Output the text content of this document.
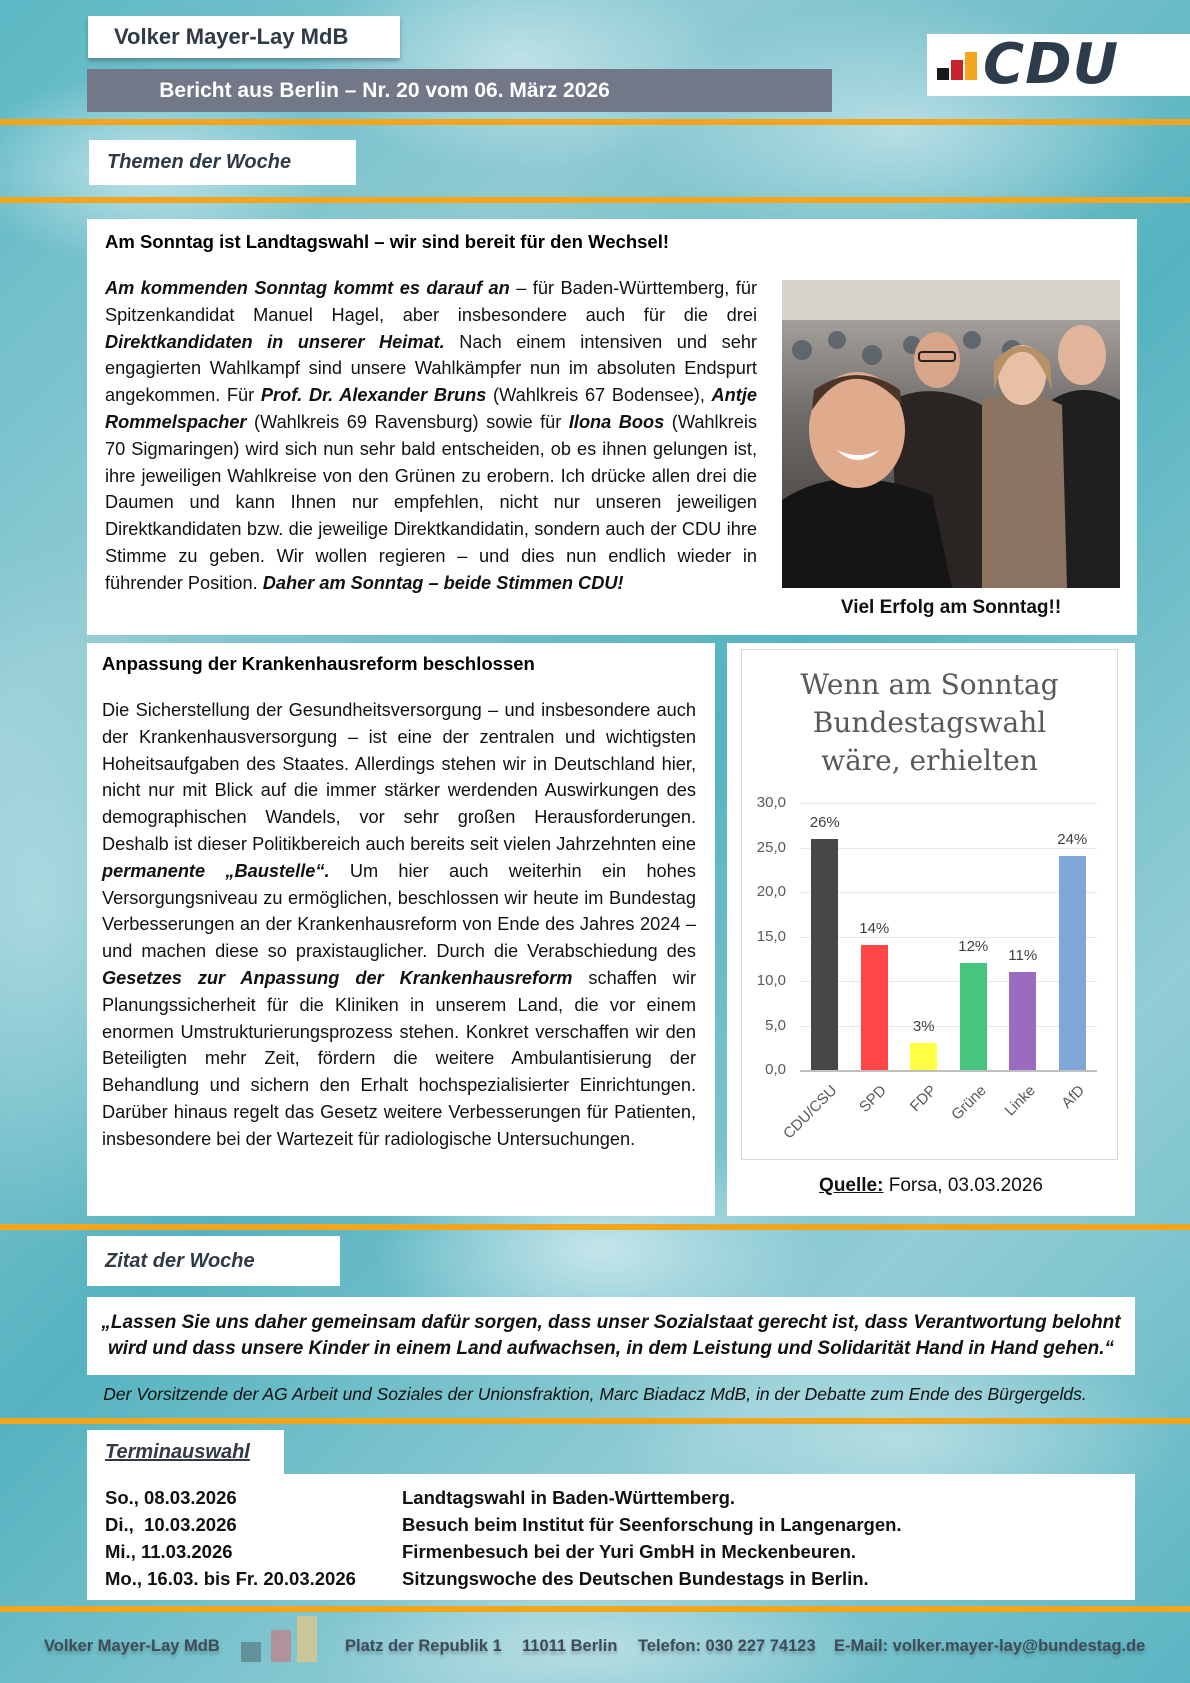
Volker Mayer-Lay MdB
Bericht aus Berlin – Nr. 20 vom 06. März 2026	CDU
Themen der Woche
Am Sonntag ist Landtagswahl – wir sind bereit für den Wechsel!
Am kommenden Sonntag kommt es darauf an – für Baden-Württemberg, für Spitzenkandidat Manuel Hagel, aber insbesondere auch für die drei Direktkandidaten in unserer Heimat. Nach einem intensiven und sehr engagierten Wahlkampf sind unsere Wahlkämpfer nun im absoluten Endspurt angekommen. Für Prof. Dr. Alexander Bruns (Wahlkreis 67 Bodensee), Antje Rommelspacher (Wahlkreis 69 Ravensburg) sowie für Ilona Boos (Wahlkreis 70 Sigmaringen) wird sich nun sehr bald entscheiden, ob es ihnen gelungen ist, ihre jeweiligen Wahlkreise von den Grünen zu erobern. Ich drücke allen drei die Daumen und kann Ihnen nur empfehlen, nicht nur unseren jeweiligen Direktkandidaten bzw. die jeweilige Direktkandidatin, sondern auch der CDU ihre Stimme zu geben. Wir wollen regieren – und dies nun endlich wieder in führender Position. Daher am Sonntag – beide Stimmen CDU!
Viel Erfolg am Sonntag!!
Anpassung der Krankenhausreform beschlossen
Die Sicherstellung der Gesundheitsversorgung – und insbesondere auch der Krankenhausversorgung – ist eine der zentralen und wichtigsten Hoheitsaufgaben des Staates. Allerdings stehen wir in Deutschland hier, nicht nur mit Blick auf die immer stärker werdenden Auswirkungen des demographischen Wandels, vor sehr großen Herausforderungen. Deshalb ist dieser Politikbereich auch bereits seit vielen Jahrzehnten eine permanente „Baustelle“. Um hier auch weiterhin ein hohes Versorgungsniveau zu ermöglichen, beschlossen wir heute im Bundestag Verbesserungen an der Krankenhausreform von Ende des Jahres 2024 – und machen diese so praxistauglicher. Durch die Verabschiedung des Gesetzes zur Anpassung der Krankenhausreform schaffen wir Planungssicherheit für die Kliniken in unserem Land, die vor einem enormen Umstrukturierungsprozess stehen. Konkret verschaffen wir den Beteiligten mehr Zeit, fördern die weitere Ambulantisierung der Behandlung und sichern den Erhalt hochspezialisierter Einrichtungen. Darüber hinaus regelt das Gesetz weitere Verbesserungen für Patienten, insbesondere bei der Wartezeit für radiologische Untersuchungen.
Wenn am Sonntag
Bundestagswahl
wäre, erhielten
0,0
5,0
10,0
15,0
20,0
25,0
30,0
26%
CDU/CSU
14%
SPD
3%
FDP
12%
Grüne
11%
Linke
24%
AfD
Quelle: Forsa, 03.03.2026
Zitat der Woche
„Lassen Sie uns daher gemeinsam dafür sorgen, dass unser Sozialstaat gerecht ist, dass Verantwortung belohnt wird und dass unsere Kinder in einem Land aufwachsen, in dem Leistung und Solidarität Hand in Hand gehen.“
Der Vorsitzende der AG Arbeit und Soziales der Unionsfraktion, Marc Biadacz MdB, in der Debatte zum Ende des Bürgergelds.
Terminauswahl
So., 08.03.2026	Landtagswahl in Baden-Württemberg.
Di.,  10.03.2026	Besuch beim Institut für Seenforschung in Langenargen.
Mi., 11.03.2026	Firmenbesuch bei der Yuri GmbH in Meckenbeuren.
Mo., 16.03. bis Fr. 20.03.2026	Sitzungswoche des Deutschen Bundestags in Berlin.
Volker Mayer-Lay MdB	Platz der Republik 1 11011 Berlin Telefon: 030 227 74123 E-Mail: volker.mayer-lay@bundestag.de
